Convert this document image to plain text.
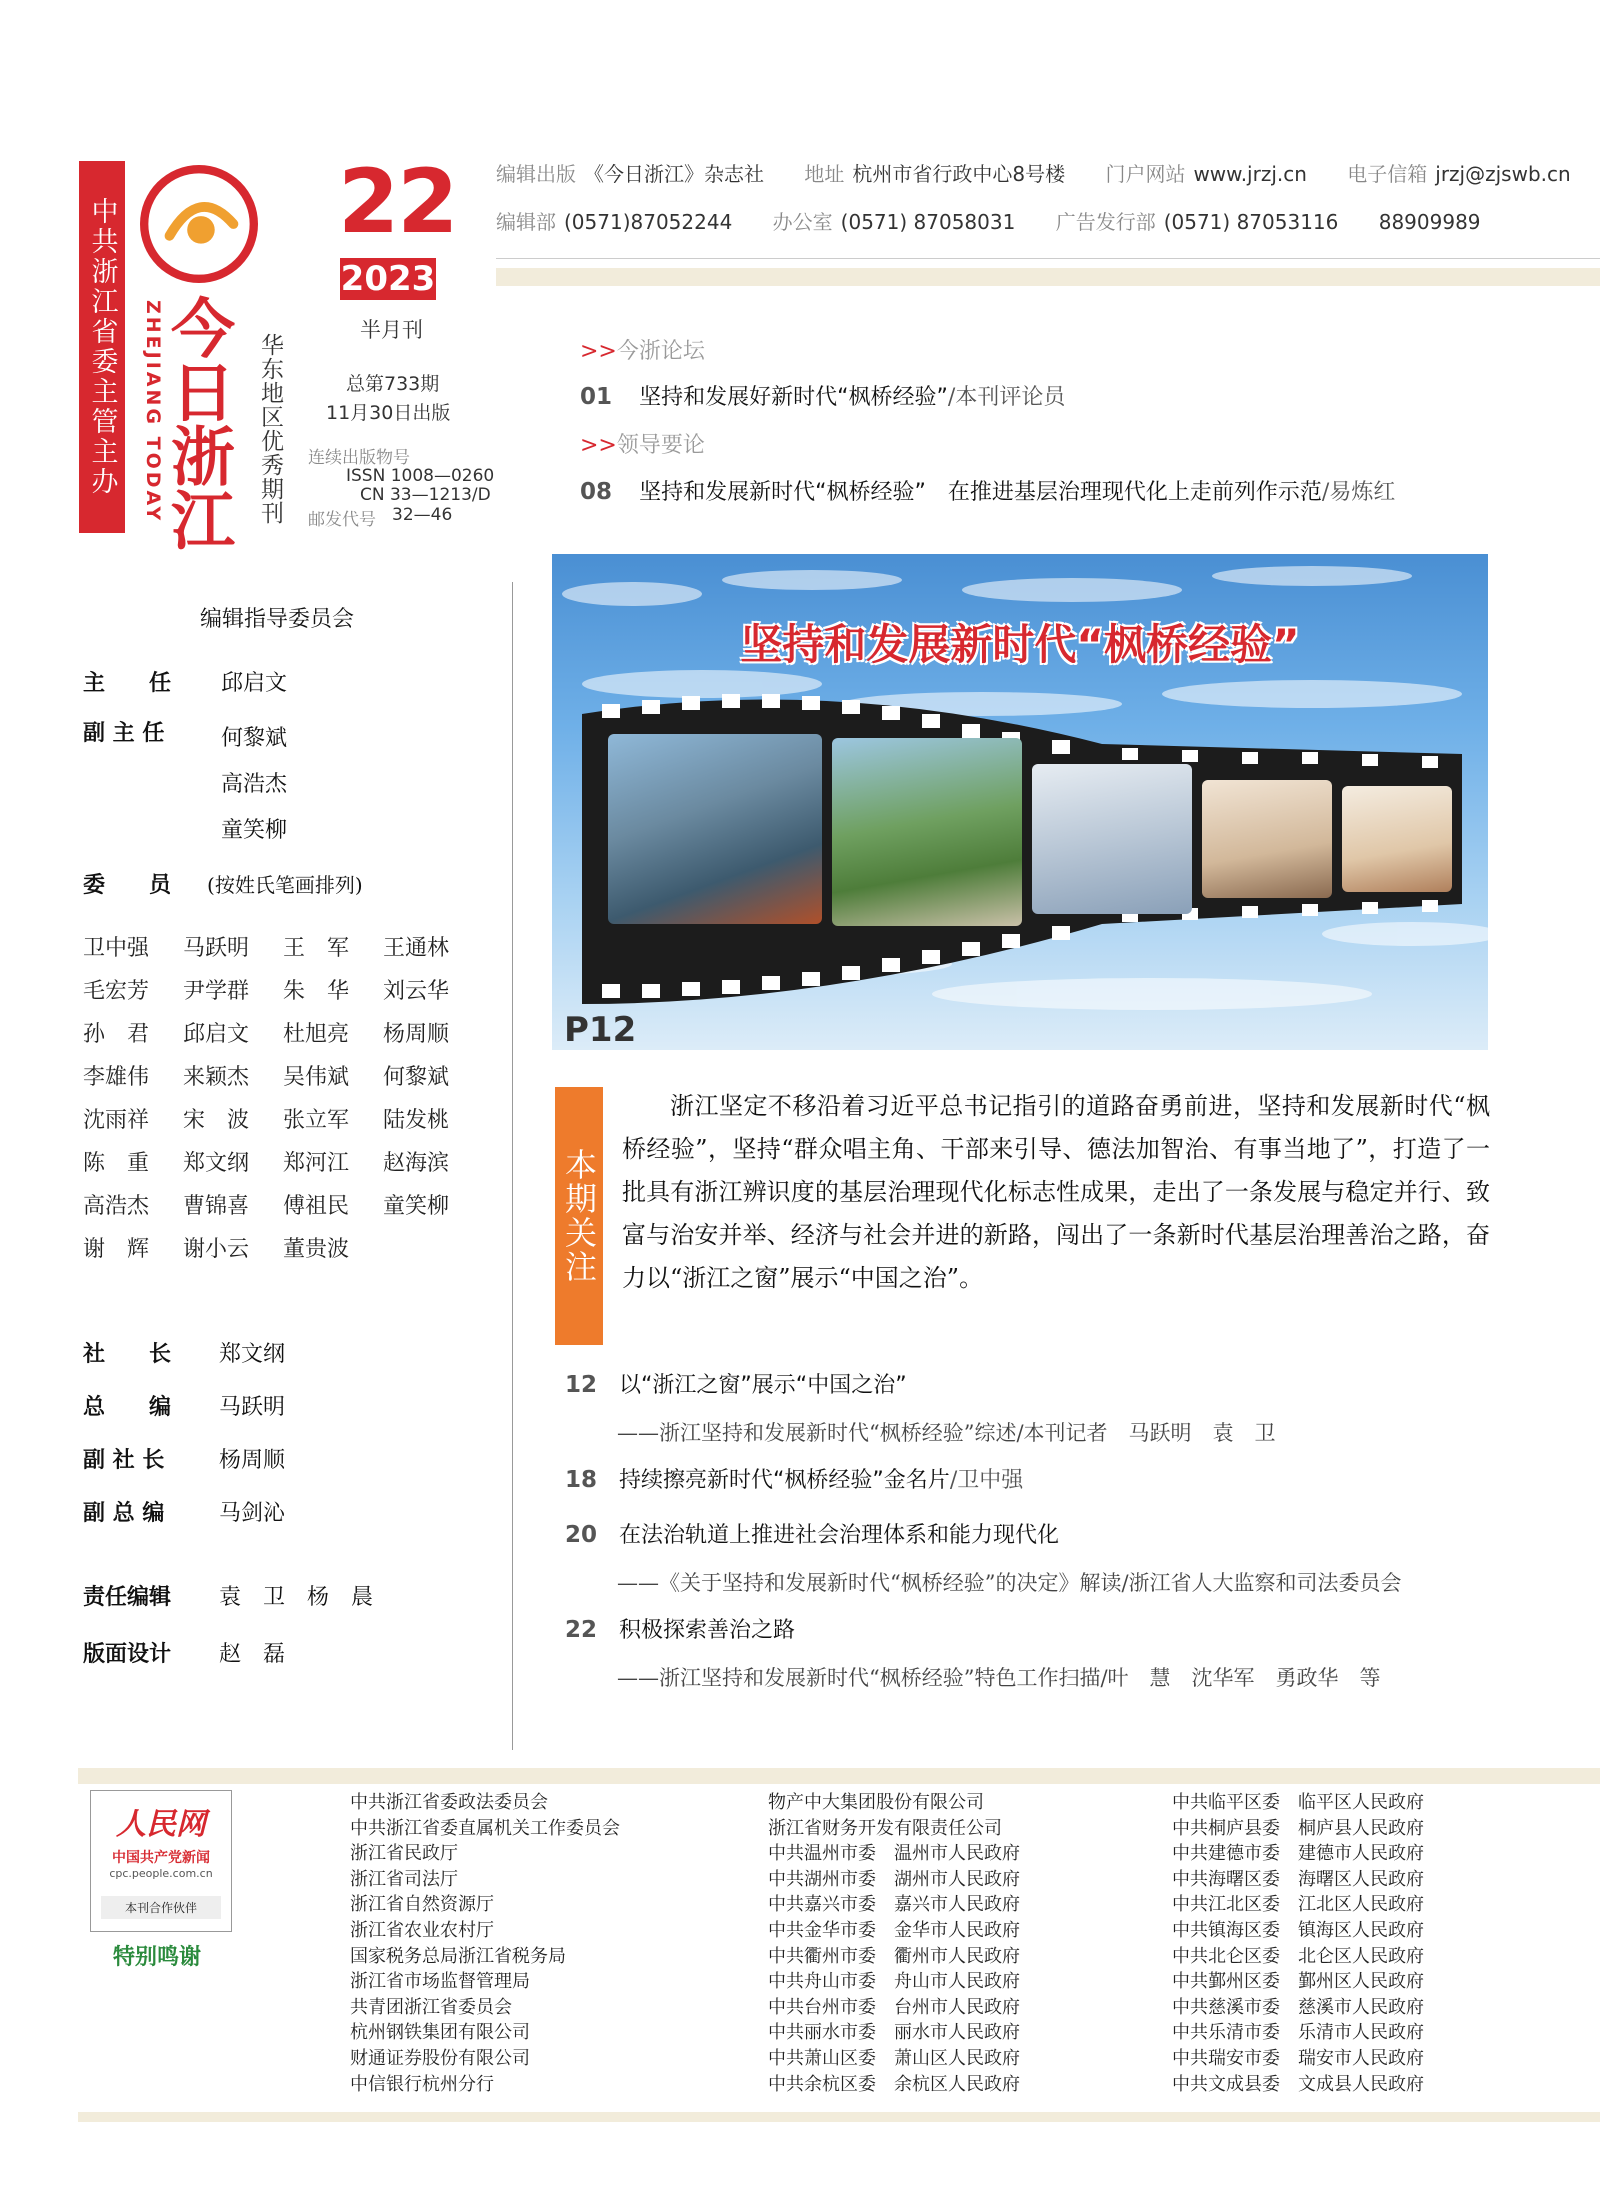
中共浙江省委主管主办	ZHEJIANG TODAY
今日浙江 华东地区优秀期刊
22
2023
半月刊
总第733期
11月30日出版
连续出版物号
ISSN 1008—0260
CN 33—1213/D
邮发代号 32—46
编辑出版 《今日浙江》杂志社 地址 杭州市省行政中心8号楼 门户网站 www.jrzj.cn 电子信箱 jrzj@zjswb.cn
编辑部 (0571)87052244 办公室 (0571) 87058031 广告发行部 (0571) 87053116 88909989
>>今浙论坛
01 坚持和发展好新时代“枫桥经验”/本刊评论员
>>领导要论
08 坚持和发展新时代“枫桥经验”　在推进基层治理现代化上走前列作示范/易炼红
编辑指导委员会
主　　任 邱启文
副 主 任	何黎斌
高浩杰
童笑柳
委　　员 (按姓氏笔画排列)
卫中强	马跃明	王　军	王通林
毛宏芳	尹学群	朱　华	刘云华
孙　君	邱启文	杜旭亮	杨周顺
李雄伟	来颖杰	吴伟斌	何黎斌
沈雨祥	宋　波	张立军	陆发桃
陈　重	郑文纲	郑河江	赵海滨
高浩杰	曹锦喜	傅祖民	童笑柳
谢　辉	谢小云	董贵波
社　　长 郑文纲
总　　编 马跃明
副 社 长 杨周顺
副 总 编 马剑沁
责任编辑 袁　卫　杨　晨
版面设计 赵　磊
坚持和发展新时代“枫桥经验”
P12
本期关注
浙江坚定不移沿着习近平总书记指引的道路奋勇前进，坚持和发展新时代“枫桥经验”，坚持“群众唱主角、干部来引导、德法加智治、有事当地了”，打造了一批具有浙江辨识度的基层治理现代化标志性成果，走出了一条发展与稳定并行、致富与治安并举、经济与社会并进的新路，闯出了一条新时代基层治理善治之路，奋力以“浙江之窗”展示“中国之治”。
12 以“浙江之窗”展示“中国之治”
——浙江坚持和发展新时代“枫桥经验”综述/本刊记者　马跃明　袁　卫
18 持续擦亮新时代“枫桥经验”金名片/卫中强
20 在法治轨道上推进社会治理体系和能力现代化
——《关于坚持和发展新时代“枫桥经验”的决定》解读/浙江省人大监察和司法委员会
22 积极探索善治之路
——浙江坚持和发展新时代“枫桥经验”特色工作扫描/叶　慧　沈华军　勇政华　等
人民网
中国共产党新闻
cpc.people.com.cn
本刊合作伙伴
特别鸣谢
中共浙江省委政法委员会
中共浙江省委直属机关工作委员会
浙江省民政厅
浙江省司法厅
浙江省自然资源厅
浙江省农业农村厅
国家税务总局浙江省税务局
浙江省市场监督管理局
共青团浙江省委员会
杭州钢铁集团有限公司
财通证券股份有限公司
中信银行杭州分行
物产中大集团股份有限公司
浙江省财务开发有限责任公司
中共温州市委　温州市人民政府
中共湖州市委　湖州市人民政府
中共嘉兴市委　嘉兴市人民政府
中共金华市委　金华市人民政府
中共衢州市委　衢州市人民政府
中共舟山市委　舟山市人民政府
中共台州市委　台州市人民政府
中共丽水市委　丽水市人民政府
中共萧山区委　萧山区人民政府
中共余杭区委　余杭区人民政府
中共临平区委　临平区人民政府
中共桐庐县委　桐庐县人民政府
中共建德市委　建德市人民政府
中共海曙区委　海曙区人民政府
中共江北区委　江北区人民政府
中共镇海区委　镇海区人民政府
中共北仑区委　北仑区人民政府
中共鄞州区委　鄞州区人民政府
中共慈溪市委　慈溪市人民政府
中共乐清市委　乐清市人民政府
中共瑞安市委　瑞安市人民政府
中共文成县委　文成县人民政府
